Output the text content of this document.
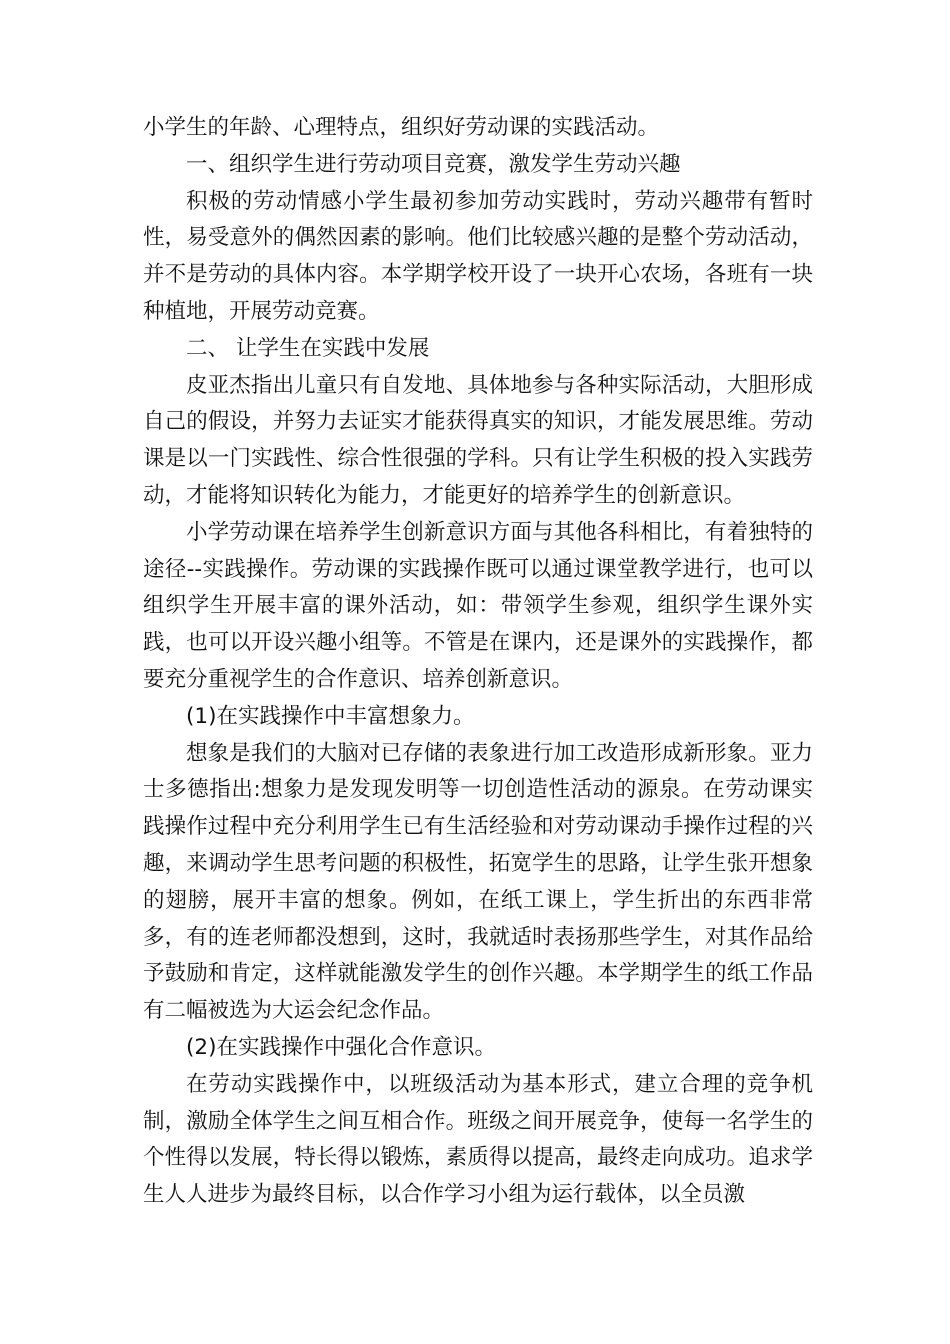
小学生的年龄、心理特点，组织好劳动课的实践活动。

一、组织学生进行劳动项目竞赛，激发学生劳动兴趣

积极的劳动情感小学生最初参加劳动实践时，劳动兴趣带有暂时性，易受意外的偶然因素的影响。他们比较感兴趣的是整个劳动活动，并不是劳动的具体内容。本学期学校开设了一块开心农场，各班有一块种植地，开展劳动竞赛。

二、 让学生在实践中发展

皮亚杰指出儿童只有自发地、具体地参与各种实际活动，大胆形成自己的假设，并努力去证实才能获得真实的知识，才能发展思维。劳动课是以一门实践性、综合性很强的学科。只有让学生积极的投入实践劳动，才能将知识转化为能力，才能更好的培养学生的创新意识。

小学劳动课在培养学生创新意识方面与其他各科相比，有着独特的途径--实践操作。劳动课的实践操作既可以通过课堂教学进行，也可以组织学生开展丰富的课外活动，如：带领学生参观，组织学生课外实践，也可以开设兴趣小组等。不管是在课内，还是课外的实践操作，都要充分重视学生的合作意识、培养创新意识。

(1)在实践操作中丰富想象力。

想象是我们的大脑对已存储的表象进行加工改造形成新形象。亚力士多德指出:想象力是发现发明等一切创造性活动的源泉。在劳动课实践操作过程中充分利用学生已有生活经验和对劳动课动手操作过程的兴趣，来调动学生思考问题的积极性，拓宽学生的思路，让学生张开想象的翅膀，展开丰富的想象。例如，在纸工课上，学生折出的东西非常多，有的连老师都没想到，这时，我就适时表扬那些学生，对其作品给予鼓励和肯定，这样就能激发学生的创作兴趣。本学期学生的纸工作品有二幅被选为大运会纪念作品。

(2)在实践操作中强化合作意识。

在劳动实践操作中，以班级活动为基本形式，建立合理的竞争机制，激励全体学生之间互相合作。班级之间开展竞争，使每一名学生的个性得以发展，特长得以锻炼，素质得以提高，最终走向成功。追求学生人人进步为最终目标，以合作学习小组为运行载体，以全员激
